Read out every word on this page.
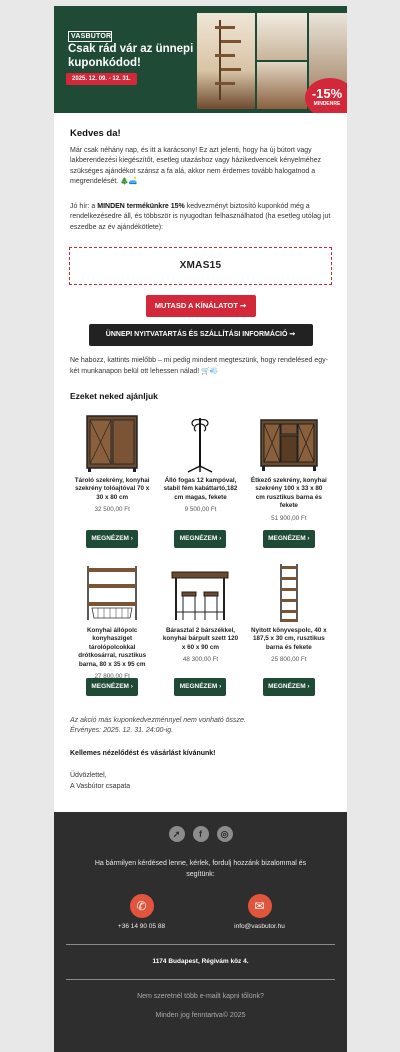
VASBÚTOR
Csak rád vár az ünnepi kuponkódod!
2025. 12. 09. - 12. 31.
-15%
MINDENRE
Kedves da!
Már csak néhány nap, és itt a karácsony! Ez azt jelenti, hogy ha új bútort vagy lakberendezési kiegészítőt, esetleg utazáshoz vagy házikedvencek kényelméhez szükséges ajándékot szánsz a fa alá, akkor nem érdemes tovább halogatnod a megrendelését. 🎄🛋️
Jó hír: a MINDEN termékünkre 15% kedvezményt biztosító kuponkód még a rendelkezésedre áll, és többször is nyugodtan felhasználhatod (ha esetleg utólag jut eszedbe az év ajándékötlete):
XMAS15
MUTASD A KÍNÁLATOT ➞
ÜNNEPI NYITVATARTÁS ÉS SZÁLLÍTÁSI INFORMÁCIÓ ➞
Ne habozz, kattints mielőbb – mi pedig mindent megteszünk, hogy rendelésed egy-két munkanapon belül ott lehessen nálad! 🛒💨
Ezeket neked ajánljuk
Tároló szekrény, konyhai szekrény tolóajtóval 70 x 30 x 80 cm
32 500,00 Ft
MEGNÉZEM ›
Álló fogas 12 kampóval, stabil fém kabáttartó,182 cm magas, fekete
9 500,00 Ft
MEGNÉZEM ›
Étkező szekrény, konyhai szekrény 100 x 33 x 80 cm rusztikus barna és fekete
51 900,00 Ft
MEGNÉZEM ›
Konyhai állópolc konyhasziget tárolópolcokkal drótkosárral, rusztikus barna, 80 x 35 x 95 cm
MEGNÉZEM ›
Bárasztal 2 bárszékkel, konyhai bárpult szett 120 x 60 x 90 cm
48 300,00 Ft
MEGNÉZEM ›
Nyitott könyvespolc, 40 x 187,5 x 30 cm, rusztikus barna és fekete
25 800,00 Ft
MEGNÉZEM ›
Az akció más kuponkedvezménnyel nem vonható össze.
Érvényes: 2025. 12. 31. 24:00-ig.
Kellemes nézelődést és vásárlást kívánunk!
Üdvözlettel,
A Vasbútor csapata
➚	f	◎
Ha bármilyen kérdésed lenne, kérlek, fordulj hozzánk bizalommal és segítünk:
✆
+36 14 90 05 88
✉
info@vasbutor.hu
1174 Budapest, Régivám köz 4.
Nem szeretnél több e-mailt kapni tőlünk?
Minden jog fenntartva© 2025
